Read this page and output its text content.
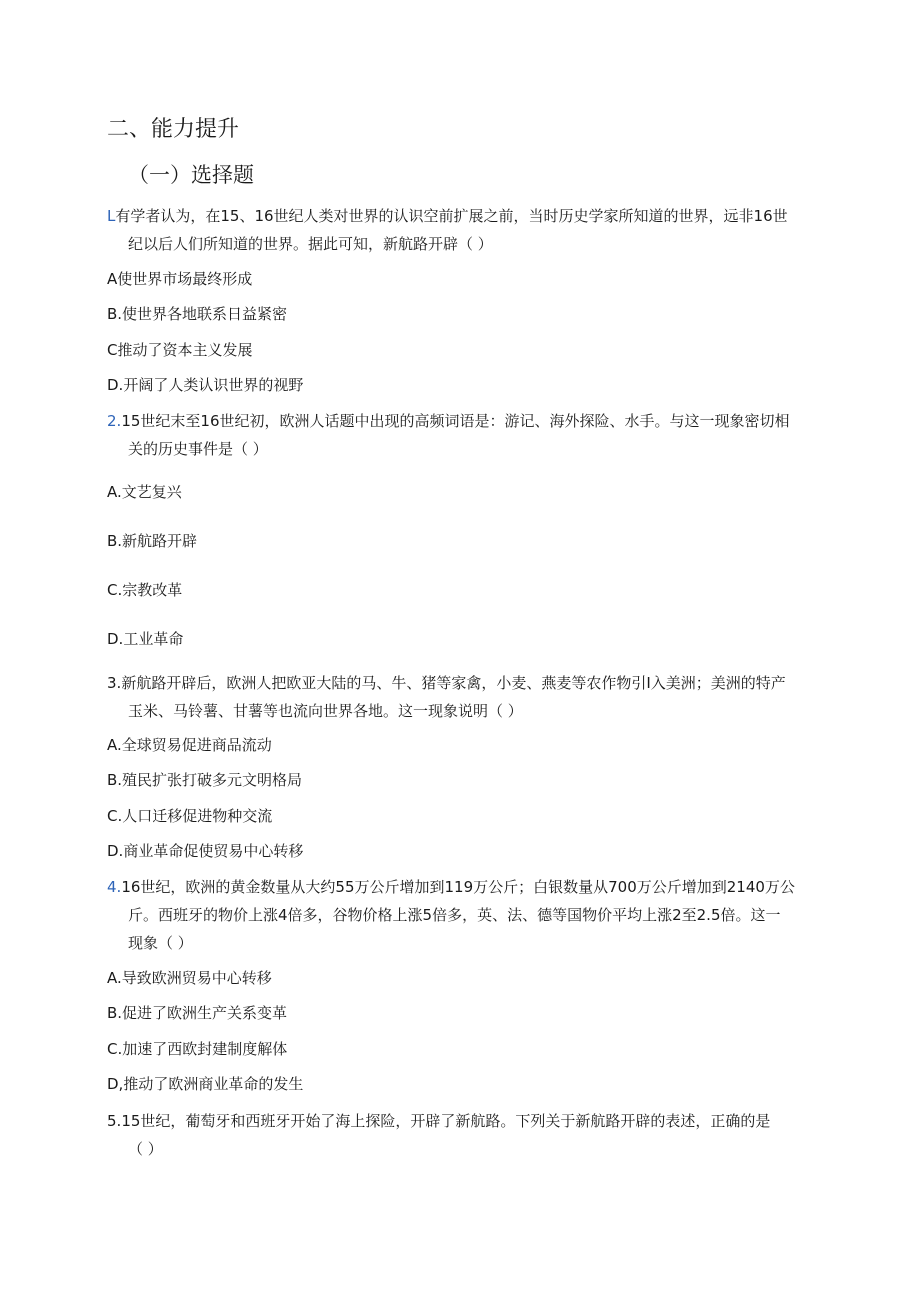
二、能力提升
（一）选择题
L有学者认为，在15、16世纪人类对世界的认识空前扩展之前，当时历史学家所知道的世界，远非16世
纪以后人们所知道的世界。据此可知，新航路开辟（ ）
A使世界市场最终形成
B.使世界各地联系日益紧密
C推动了资本主义发展
D.开阔了人类认识世界的视野
2.15世纪末至16世纪初，欧洲人话题中出现的高频词语是：游记、海外探险、水手。与这一现象密切相
关的历史事件是（ ）
A.文艺复兴
B.新航路开辟
C.宗教改革
D.工业革命
3.新航路开辟后，欧洲人把欧亚大陆的马、牛、猪等家禽，小麦、燕麦等农作物引I入美洲；美洲的特产
玉米、马铃薯、甘薯等也流向世界各地。这一现象说明（ ）
A.全球贸易促进商品流动
B.殖民扩张打破多元文明格局
C.人口迁移促进物种交流
D.商业革命促使贸易中心转移
4.16世纪，欧洲的黄金数量从大约55万公斤增加到119万公斤；白银数量从700万公斤增加到2140万公
斤。西班牙的物价上涨4倍多，谷物价格上涨5倍多，英、法、德等国物价平均上涨2至2.5倍。这一
现象（ ）
A.导致欧洲贸易中心转移
B.促进了欧洲生产关系变革
C.加速了西欧封建制度解体
D,推动了欧洲商业革命的发生
5.15世纪，葡萄牙和西班牙开始了海上探险，开辟了新航路。下列关于新航路开辟的表述，正确的是
（ ）
